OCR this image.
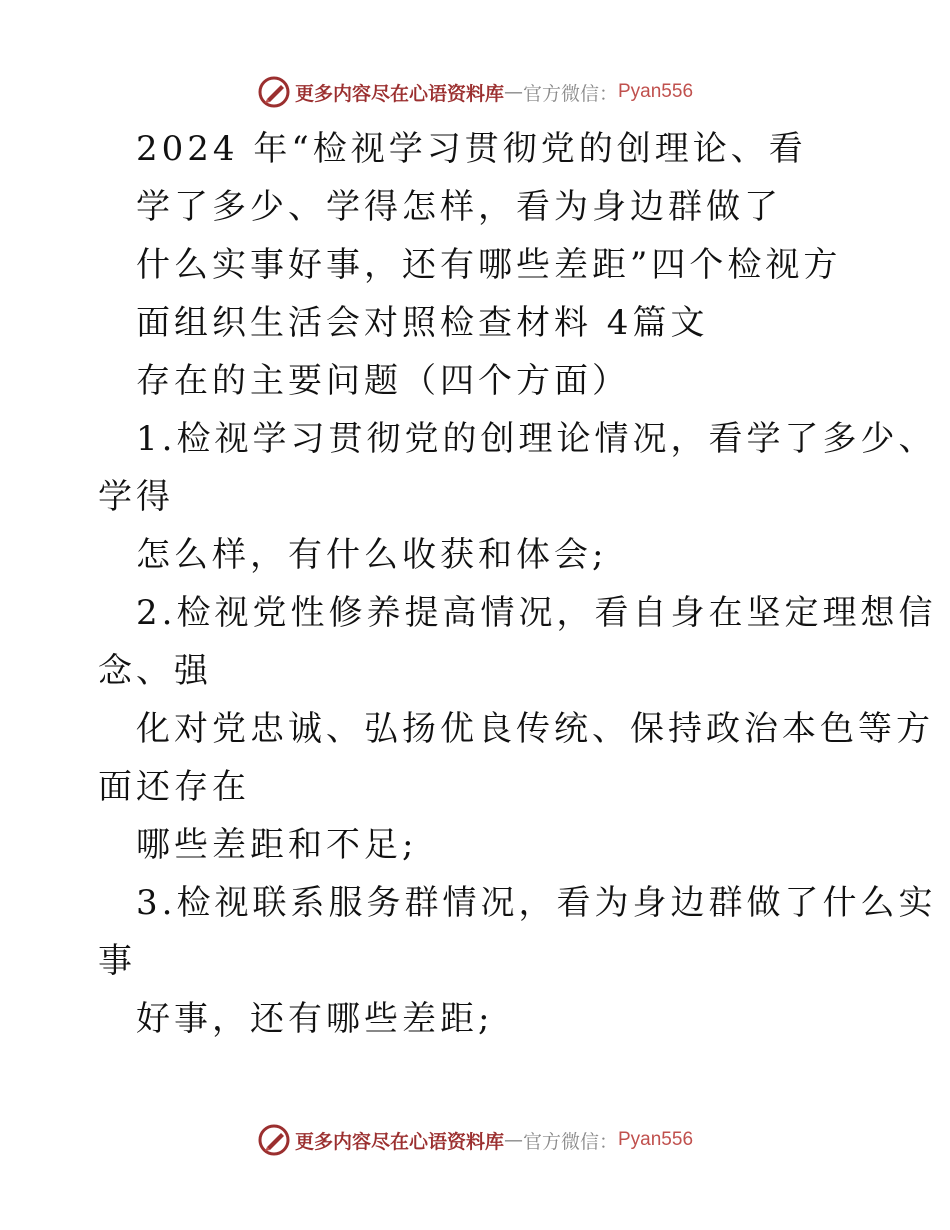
更多内容尽在心语资料库 — 官方微信： Pyan556
2024 年“检视学习贯彻党的创理论、看
学了多少、学得怎样，看为身边群做了
什么实事好事，还有哪些差距”四个检视方
面组织生活会对照检查材料 4篇文
存在的主要问题（四个方面）
1.检视学习贯彻党的创理论情况，看学了多少、
学得
怎么样，有什么收获和体会;
2.检视党性修养提高情况，看自身在坚定理想信
念、强
化对党忠诚、弘扬优良传统、保持政治本色等方
面还存在
哪些差距和不足;
3.检视联系服务群情况，看为身边群做了什么实
事
好事，还有哪些差距;
更多内容尽在心语资料库 — 官方微信： Pyan556
